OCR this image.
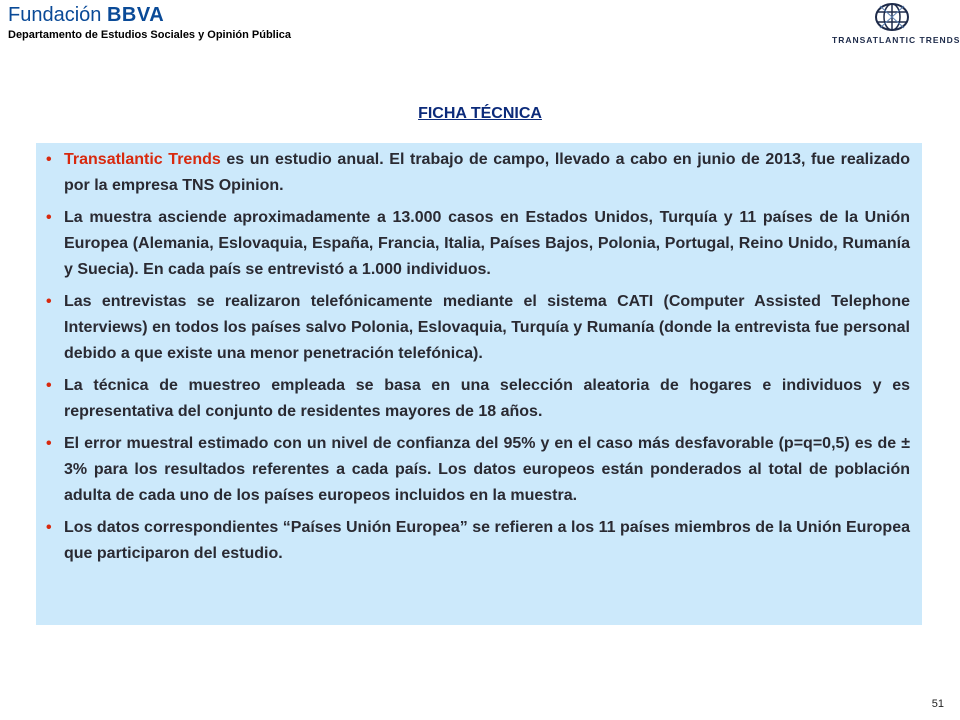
Fundación BBVA
Departamento de Estudios Sociales y Opinión Pública	TRANSATLANTIC TRENDS
FICHA TÉCNICA
• Transatlantic Trends es un estudio anual. El trabajo de campo, llevado a cabo en junio de 2013, fue realizado por la empresa TNS Opinion.
• La muestra asciende aproximadamente a 13.000 casos en Estados Unidos, Turquía y 11 países de la Unión Europea (Alemania, Eslovaquia, España, Francia, Italia, Países Bajos, Polonia, Portugal, Reino Unido, Rumanía y Suecia). En cada país se entrevistó a 1.000 individuos.
• Las entrevistas se realizaron telefónicamente mediante el sistema CATI (Computer Assisted Telephone Interviews) en todos los países salvo Polonia, Eslovaquia, Turquía y Rumanía (donde la entrevista fue personal debido a que existe una menor penetración telefónica).
• La técnica de muestreo empleada se basa en una selección aleatoria de hogares e individuos y es representativa del conjunto de residentes mayores de 18 años.
• El error muestral estimado con un nivel de confianza del 95% y en el caso más desfavorable (p=q=0,5) es de ± 3% para los resultados referentes a cada país. Los datos europeos están ponderados al total de población adulta de cada uno de los países europeos incluidos en la muestra.
• Los datos correspondientes “Países Unión Europea” se refieren a los 11 países miembros de la Unión Europea que participaron del estudio.
51
